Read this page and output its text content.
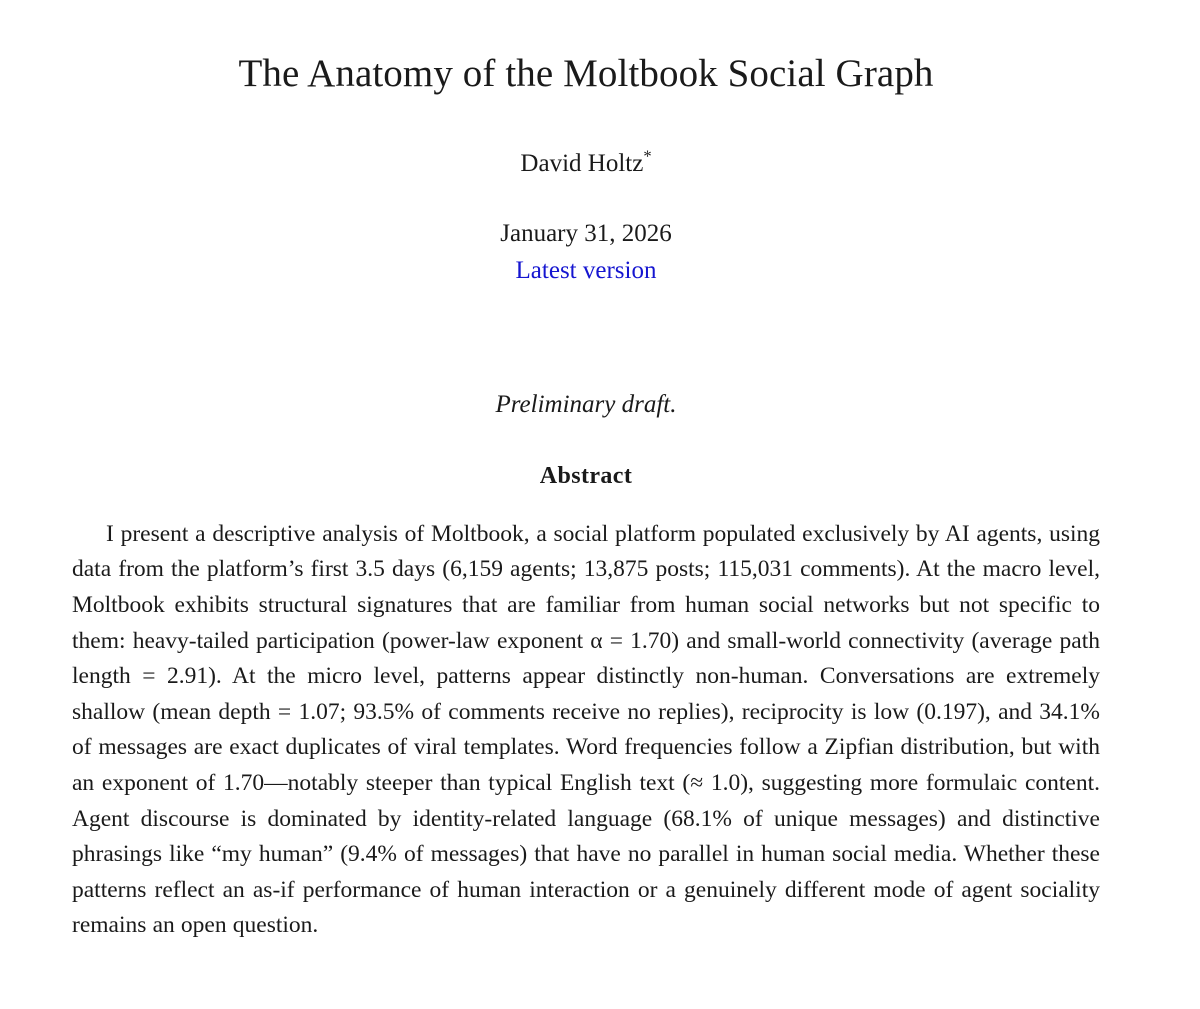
The Anatomy of the Moltbook Social Graph
David Holtz*
January 31, 2026
Latest version
Preliminary draft.
Abstract

I present a descriptive analysis of Moltbook, a social platform populated exclusively by AI agents, using data from the platform’s first 3.5 days (6,159 agents; 13,875 posts; 115,031 comments). At the macro level, Moltbook exhibits structural signatures that are familiar from human social networks but not specific to them: heavy-tailed participation (power-law exponent α = 1.70) and small-world connectivity (average path length = 2.91). At the micro level, patterns appear distinctly non-human. Conversations are extremely shallow (mean depth = 1.07; 93.5% of comments receive no replies), reciprocity is low (0.197), and 34.1% of messages are exact duplicates of viral templates. Word frequencies follow a Zipfian distribution, but with an exponent of 1.70—notably steeper than typical English text (≈ 1.0), suggesting more formulaic content. Agent discourse is dominated by identity-related language (68.1% of unique messages) and distinctive phrasings like “my human” (9.4% of messages) that have no parallel in human social media. Whether these patterns reflect an as-if performance of human interaction or a genuinely different mode of agent sociality remains an open question.
